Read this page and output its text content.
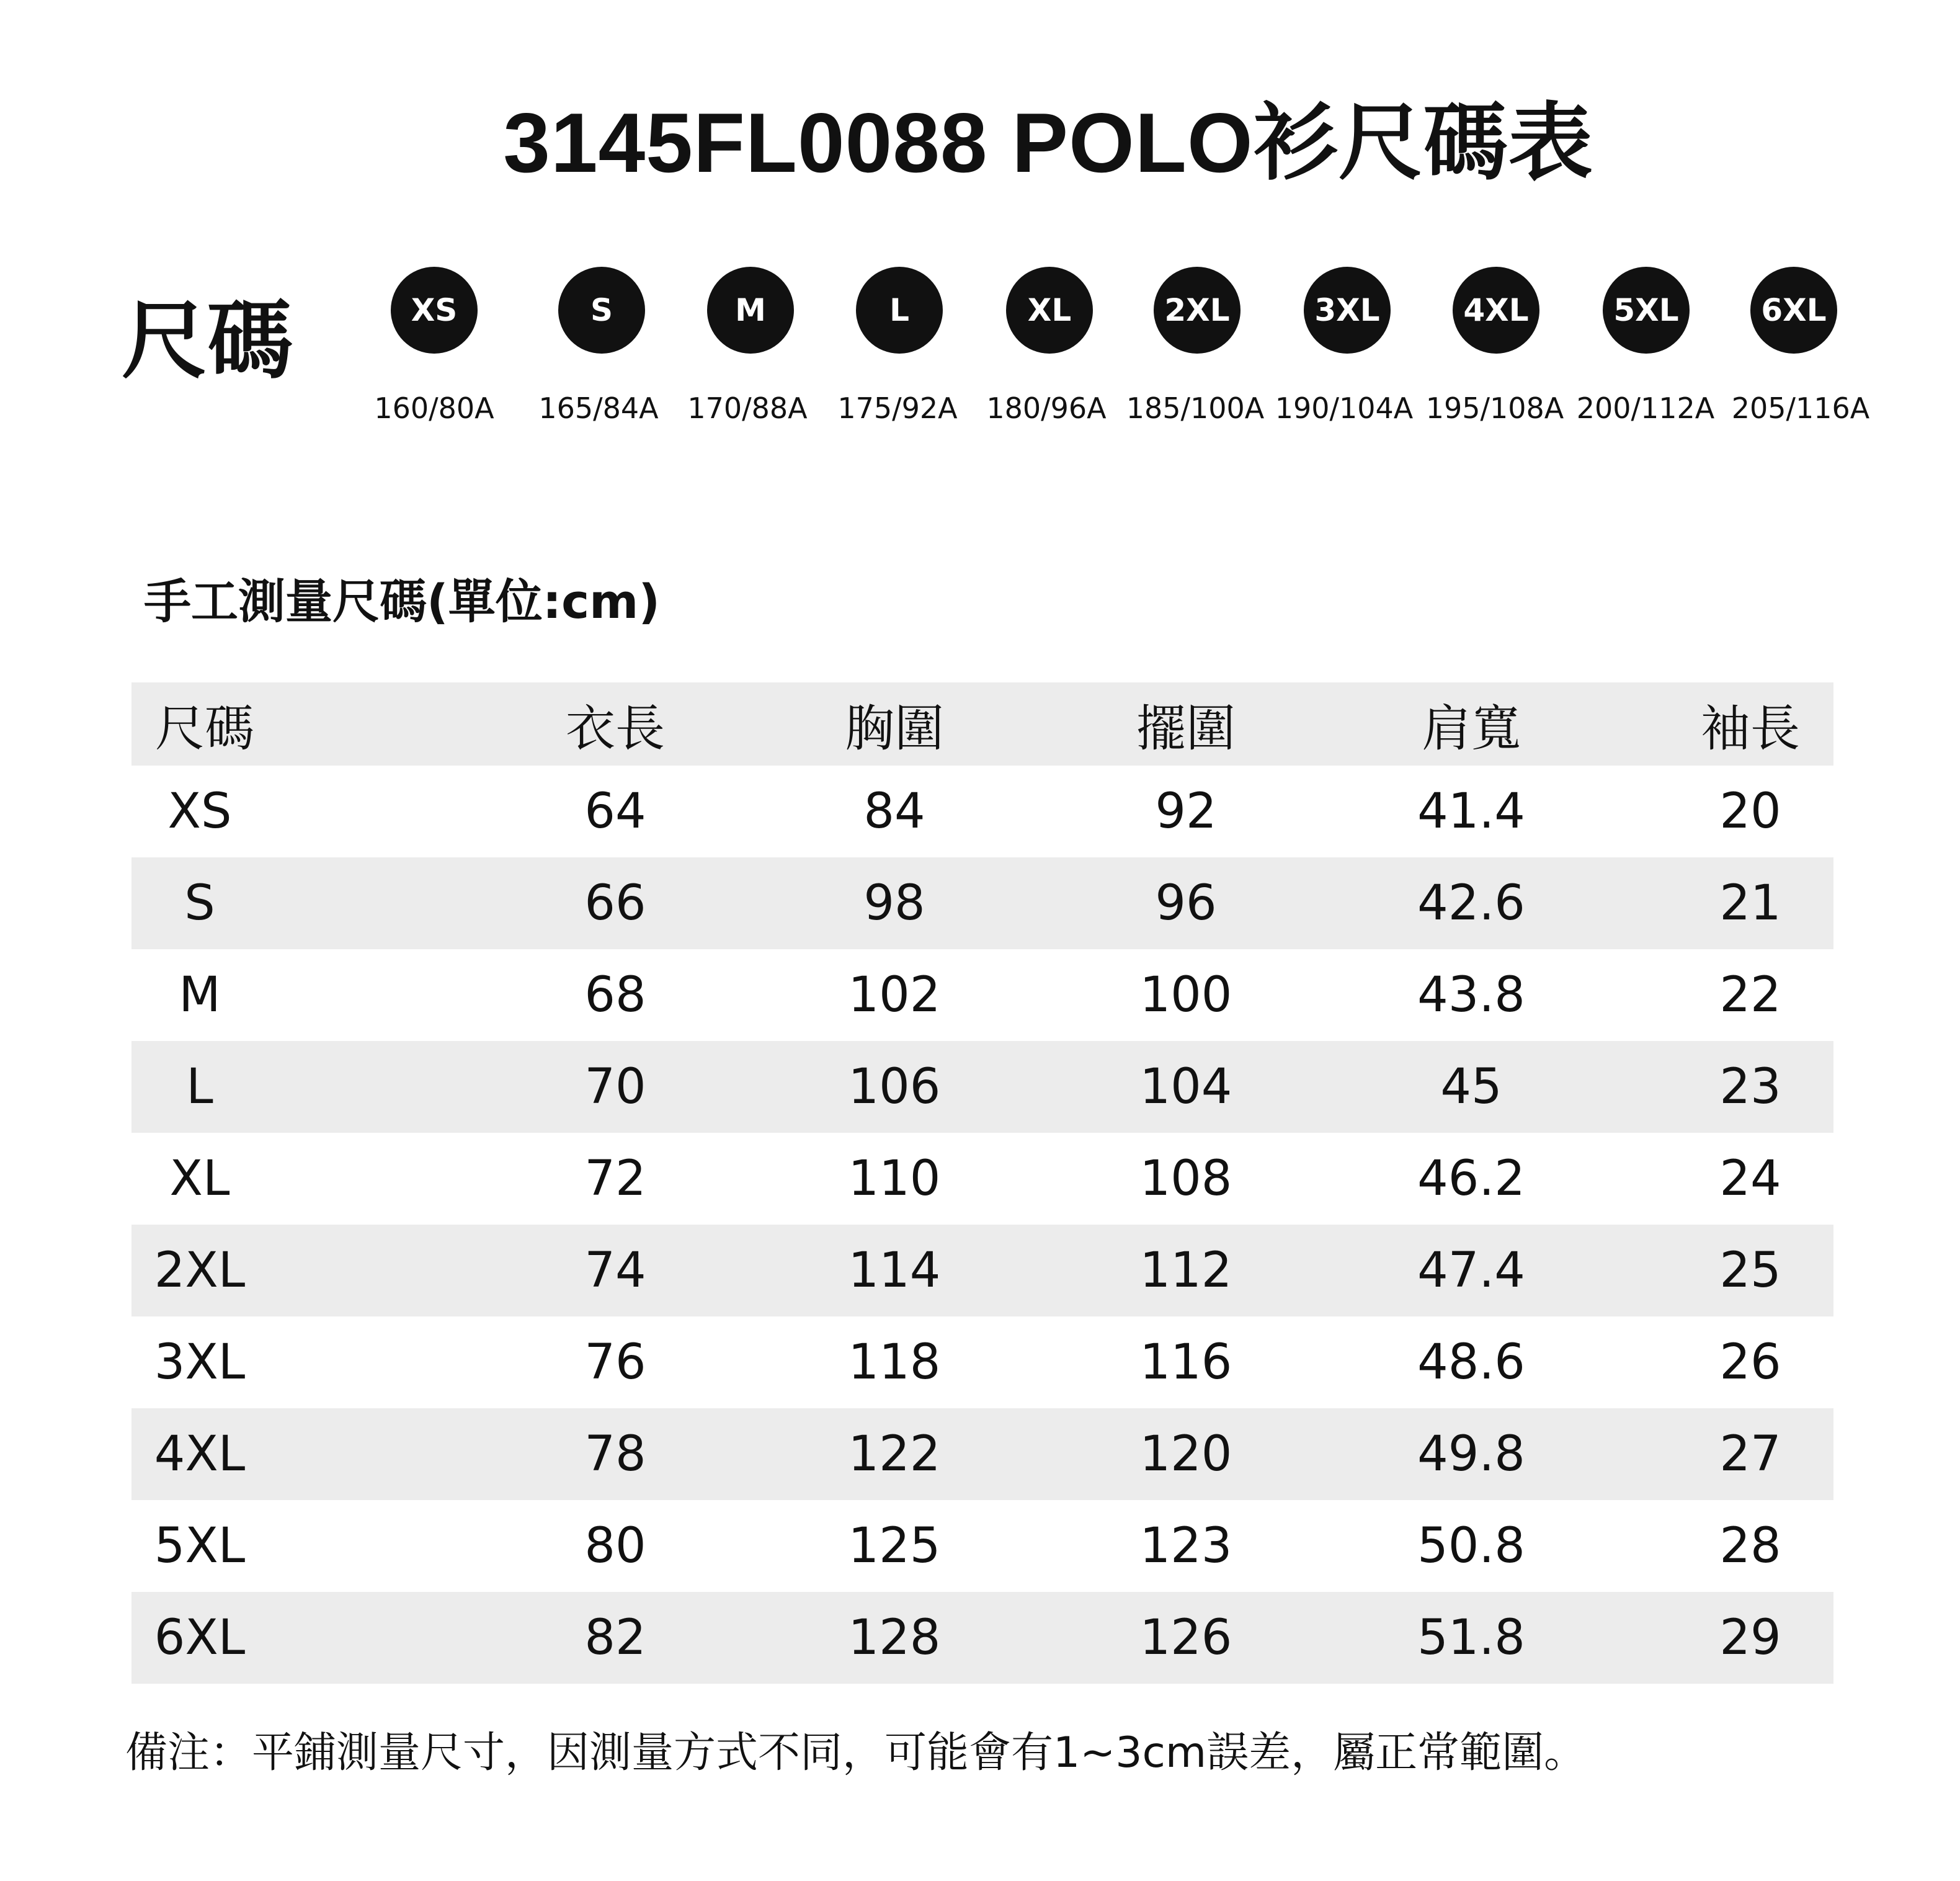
3145FL0088 POLO衫尺碼表
尺碼	XS
160/80A
S
165/84A
M
170/88A
L
175/92A
XL
180/96A
2XL
185/100A
3XL
190/104A
4XL
195/108A
5XL
200/112A
6XL
205/116A
手工測量尺碼(單位:cm)
尺碼	衣長	胸圍	擺圍	肩寬	袖長
XS	64	84	92	41.4	20
S	66	98	96	42.6	21
M	68	102	100	43.8	22
L	70	106	104	45	23
XL	72	110	108	46.2	24
2XL	74	114	112	47.4	25
3XL	76	118	116	48.6	26
4XL	78	122	120	49.8	27
5XL	80	125	123	50.8	28
6XL	82	128	126	51.8	29
備注：平鋪測量尺寸，因測量方式不同，可能會有1~3cm誤差，屬正常範圍。
